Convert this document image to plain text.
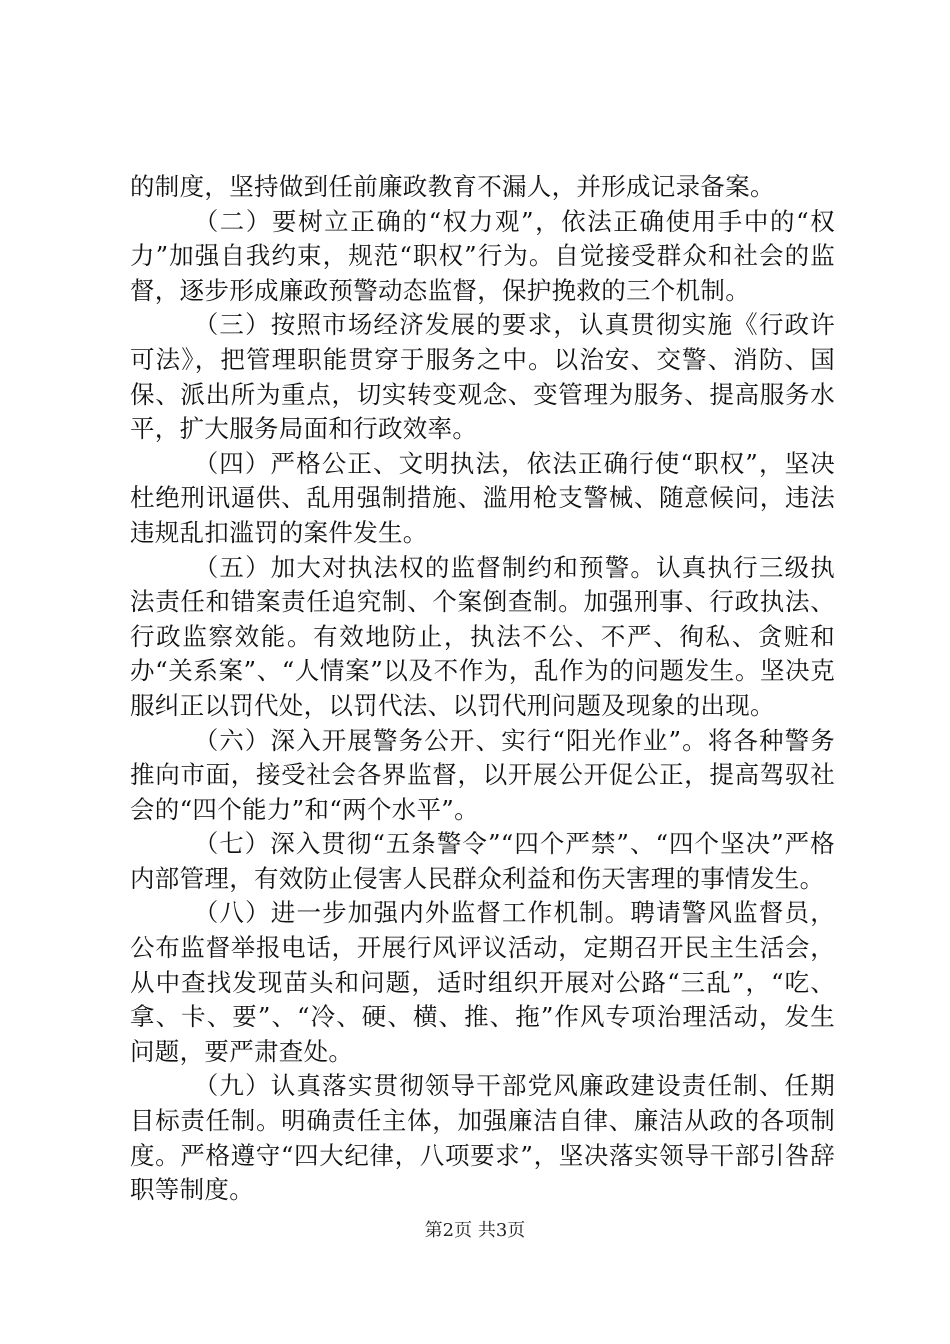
的制度，坚持做到任前廉政教育不漏人，并形成记录备案。

（二）要树立正确的“权力观”，依法正确使用手中的“权力”加强自我约束，规范“职权”行为。自觉接受群众和社会的监督，逐步形成廉政预警动态监督，保护挽救的三个机制。

（三）按照市场经济发展的要求，认真贯彻实施《行政许可法》，把管理职能贯穿于服务之中。以治安、交警、消防、国保、派出所为重点，切实转变观念、变管理为服务、提高服务水平，扩大服务局面和行政效率。

（四）严格公正、文明执法，依法正确行使“职权”，坚决杜绝刑讯逼供、乱用强制措施、滥用枪支警械、随意候问，违法违规乱扣滥罚的案件发生。

（五）加大对执法权的监督制约和预警。认真执行三级执法责任和错案责任追究制、个案倒查制。加强刑事、行政执法、行政监察效能。有效地防止，执法不公、不严、徇私、贪赃和办“关系案”、“人情案”以及不作为，乱作为的问题发生。坚决克服纠正以罚代处，以罚代法、以罚代刑问题及现象的出现。

（六）深入开展警务公开、实行“阳光作业”。将各种警务推向市面，接受社会各界监督，以开展公开促公正，提高驾驭社会的“四个能力”和“两个水平”。

（七）深入贯彻“五条警令”“四个严禁”、“四个坚决”严格内部管理，有效防止侵害人民群众利益和伤天害理的事情发生。

（八）进一步加强内外监督工作机制。聘请警风监督员，公布监督举报电话，开展行风评议活动，定期召开民主生活会，从中查找发现苗头和问题，适时组织开展对公路“三乱”，“吃、拿、卡、要”、“冷、硬、横、推、拖”作风专项治理活动，发生问题，要严肃查处。

（九）认真落实贯彻领导干部党风廉政建设责任制、任期目标责任制。明确责任主体，加强廉洁自律、廉洁从政的各项制度。严格遵守“四大纪律，八项要求”，坚决落实领导干部引咎辞职等制度。

第2页 共3页
